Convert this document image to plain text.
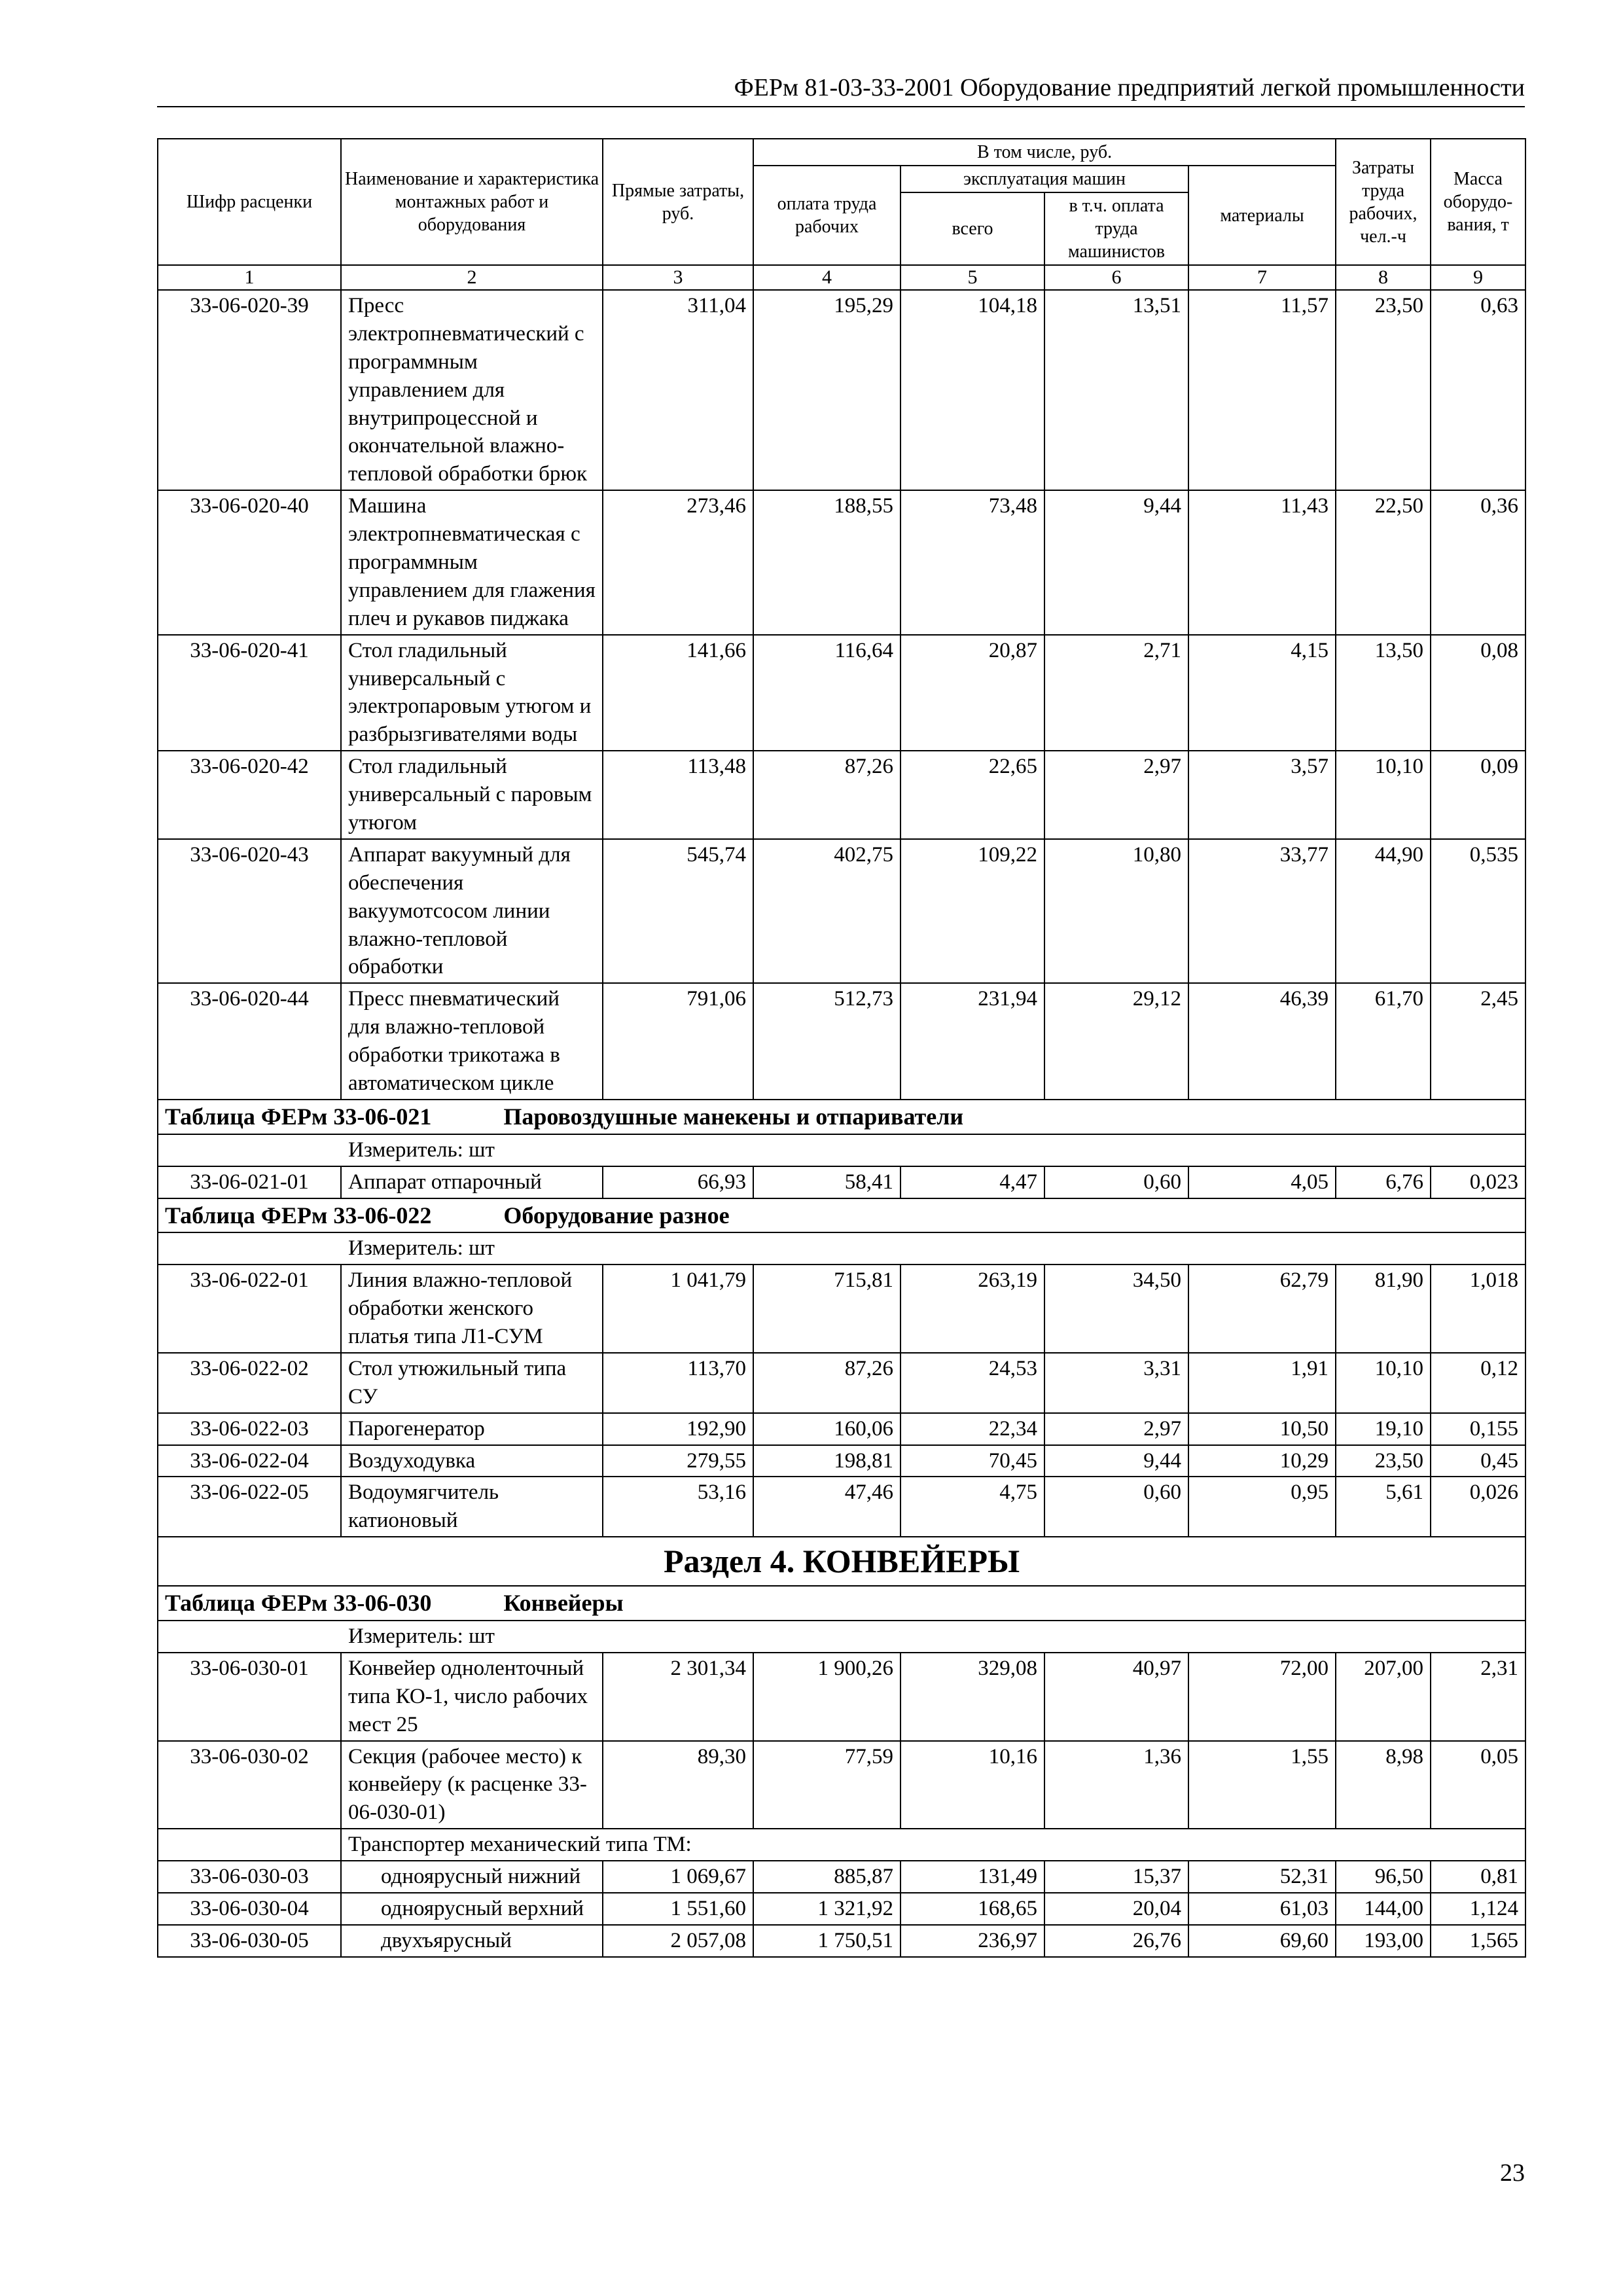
ФЕРм 81-03-33-2001 Оборудование предприятий легкой промышленности
Шифр расценки	Наименование и характеристика монтажных работ и оборудования	Прямые затраты, руб.	В том числе, руб.				Затраты труда рабочих, чел.-ч	Масса оборудо-вания, т
			оплата труда рабочих	эксплуатация машин		материалы		
				всего	в т.ч. оплата труда машинистов			
1	2	3	4	5	6	7	8	9
33-06-020-39	Пресс электропневматический с программным управлением для внутрипроцессной и окончательной влажно-тепловой обработки брюк	311,04	195,29	104,18	13,51	11,57	23,50	0,63
33-06-020-40	Машина электропневматическая с программным управлением для глажения плеч и рукавов пиджака	273,46	188,55	73,48	9,44	11,43	22,50	0,36
33-06-020-41	Стол гладильный универсальный с электропаровым утюгом и разбрызгивателями воды	141,66	116,64	20,87	2,71	4,15	13,50	0,08
33-06-020-42	Стол гладильный универсальный с паровым утюгом	113,48	87,26	22,65	2,97	3,57	10,10	0,09
33-06-020-43	Аппарат вакуумный для обеспечения вакуумотсосом линии влажно-тепловой обработки	545,74	402,75	109,22	10,80	33,77	44,90	0,535
33-06-020-44	Пресс пневматический для влажно-тепловой обработки трикотажа в автоматическом цикле	791,06	512,73	231,94	29,12	46,39	61,70	2,45
Таблица ФЕРм 33-06-021 Паровоздушные манекены и отпариватели								
Измеритель: шт								
33-06-021-01	Аппарат отпарочный	66,93	58,41	4,47	0,60	4,05	6,76	0,023
Таблица ФЕРм 33-06-022 Оборудование разное								
Измеритель: шт								
33-06-022-01	Линия влажно-тепловой обработки женского платья типа Л1-СУМ	1 041,79	715,81	263,19	34,50	62,79	81,90	1,018
33-06-022-02	Стол утюжильный типа СУ	113,70	87,26	24,53	3,31	1,91	10,10	0,12
33-06-022-03	Парогенератор	192,90	160,06	22,34	2,97	10,50	19,10	0,155
33-06-022-04	Воздуходувка	279,55	198,81	70,45	9,44	10,29	23,50	0,45
33-06-022-05	Водоумягчитель катионовый	53,16	47,46	4,75	0,60	0,95	5,61	0,026
Раздел 4. КОНВЕЙЕРЫ								
Таблица ФЕРм 33-06-030 Конвейеры								
Измеритель: шт								
33-06-030-01	Конвейер одноленточный типа КО-1, число рабочих мест 25	2 301,34	1 900,26	329,08	40,97	72,00	207,00	2,31
33-06-030-02	Секция (рабочее место) к конвейеру (к расценке 33-06-030-01)	89,30	77,59	10,16	1,36	1,55	8,98	0,05
	Транспортер механический типа ТМ:							
33-06-030-03	одноярусный нижний	1 069,67	885,87	131,49	15,37	52,31	96,50	0,81
33-06-030-04	одноярусный верхний	1 551,60	1 321,92	168,65	20,04	61,03	144,00	1,124
33-06-030-05	двухъярусный	2 057,08	1 750,51	236,97	26,76	69,60	193,00	1,565
23
